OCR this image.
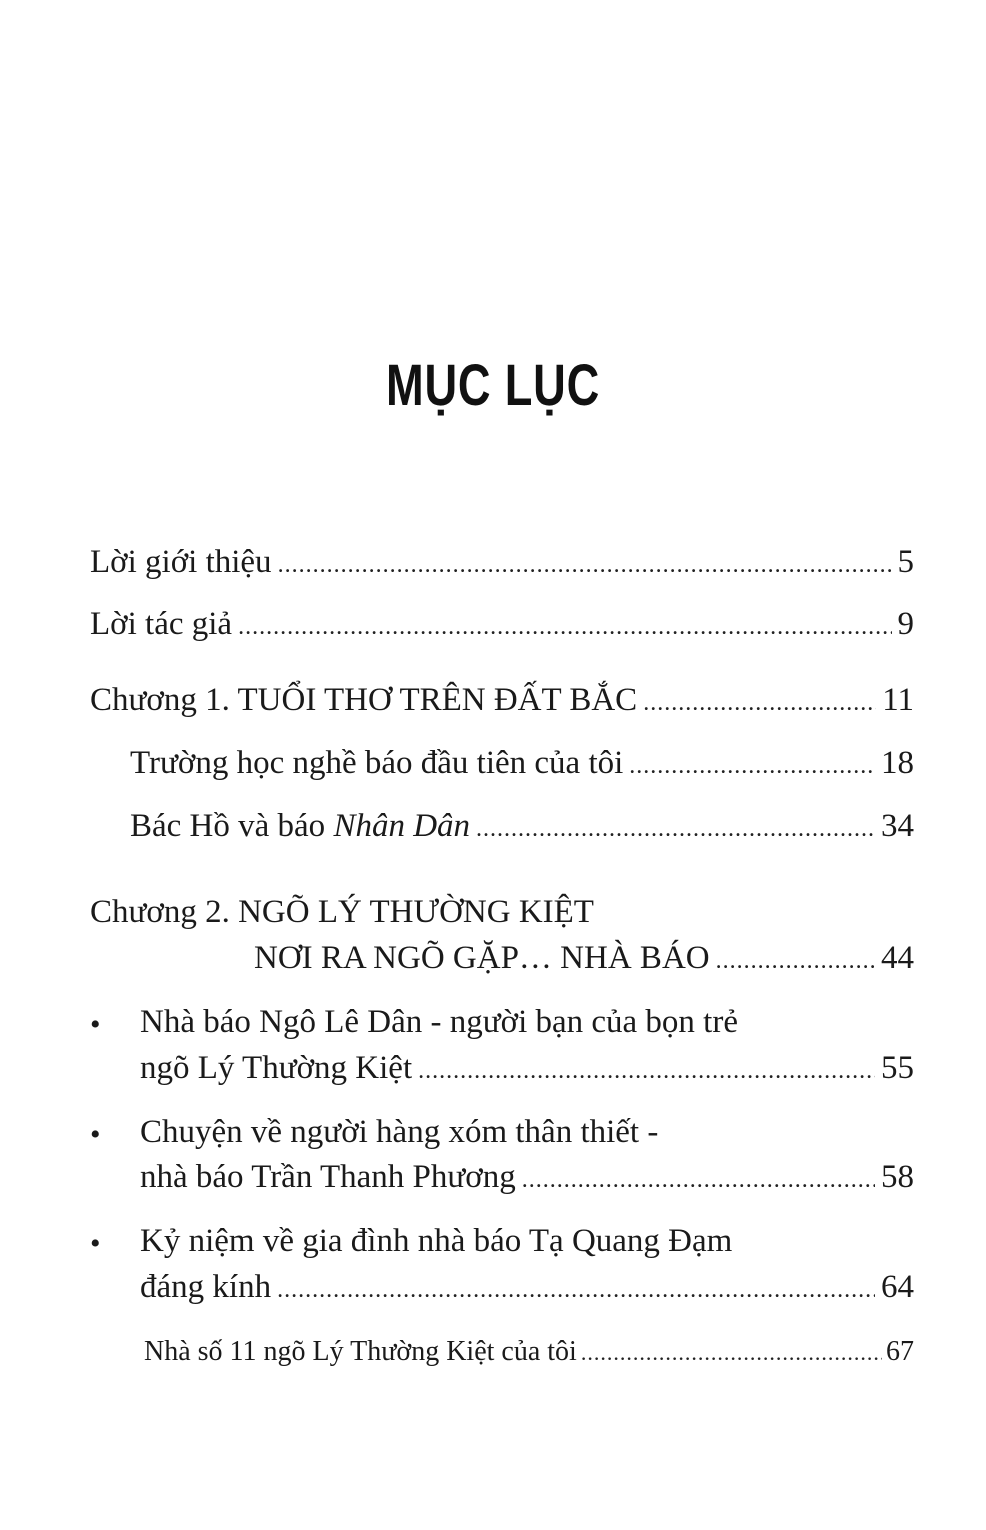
MỤC LỤC
Lời giới thiệu .....	5
Lời tác giả .....	9
Chương 1. TUỔI THƠ TRÊN ĐẤT BẮC .....	11
Trường học nghề báo đầu tiên của tôi .....	18
Bác Hồ và báo Nhân Dân .....	34
Chương 2. NGÕ LÝ THƯỜNG KIỆT
NƠI RA NGÕ GẶP… NHÀ BÁO .....	44
• Nhà báo Ngô Lê Dân - người bạn của bọn trẻ
ngõ Lý Thường Kiệt .....	55
• Chuyện về người hàng xóm thân thiết -
nhà báo Trần Thanh Phương .....	58
• Kỷ niệm về gia đình nhà báo Tạ Quang Đạm
đáng kính .....	64
Nhà số 11 ngõ Lý Thường Kiệt của tôi .....	67
